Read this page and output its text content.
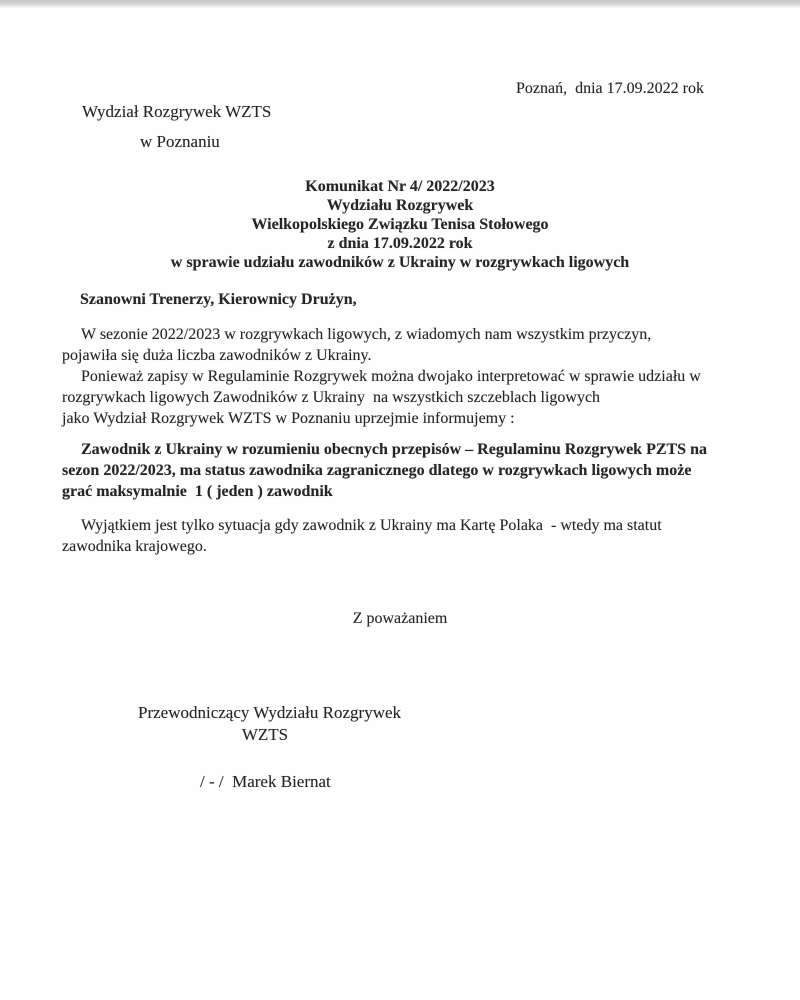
Poznań,  dnia 17.09.2022 rok
Wydział Rozgrywek WZTS
w Poznaniu
Komunikat Nr 4/ 2022/2023
Wydziału Rozgrywek
Wielkopolskiego Związku Tenisa Stołowego
z dnia 17.09.2022 rok
w sprawie udziału zawodników z Ukrainy w rozgrywkach ligowych
Szanowni Trenerzy, Kierownicy Drużyn,
W sezonie 2022/2023 w rozgrywkach ligowych, z wiadomych nam wszystkim przyczyn,
pojawiła się duża liczba zawodników z Ukrainy.
Ponieważ zapisy w Regulaminie Rozgrywek można dwojako interpretować w sprawie udziału w
rozgrywkach ligowych Zawodników z Ukrainy  na wszystkich szczeblach ligowych
jako Wydział Rozgrywek WZTS w Poznaniu uprzejmie informujemy :
Zawodnik z Ukrainy w rozumieniu obecnych przepisów – Regulaminu Rozgrywek PZTS na
sezon 2022/2023, ma status zawodnika zagranicznego dlatego w rozgrywkach ligowych może
grać maksymalnie  1 ( jeden ) zawodnik
Wyjątkiem jest tylko sytuacja gdy zawodnik z Ukrainy ma Kartę Polaka  - wtedy ma statut
zawodnika krajowego.
Z poważaniem
Przewodniczący Wydziału Rozgrywek
WZTS
/ - /  Marek Biernat
